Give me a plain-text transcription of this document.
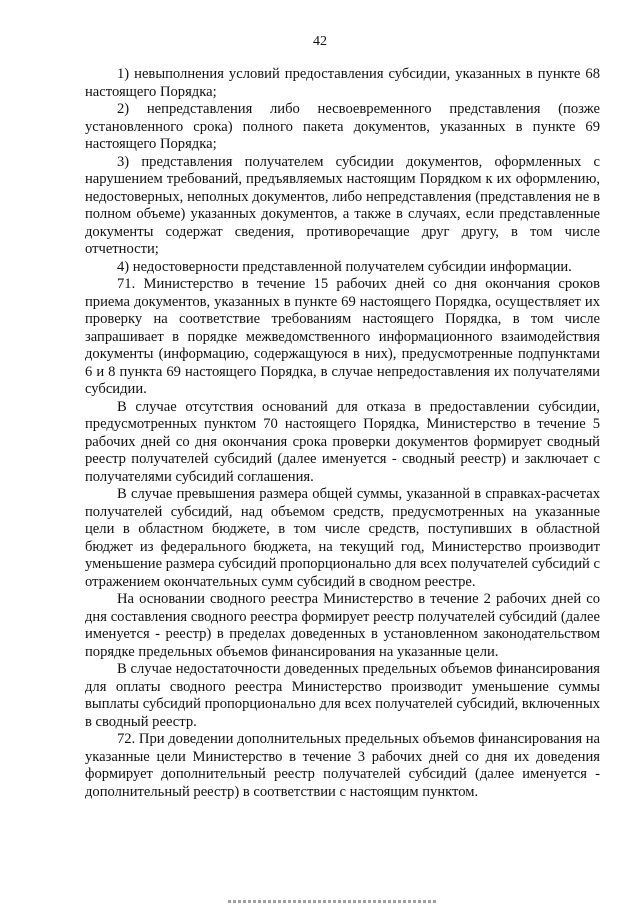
42

1) невыполнения условий предоставления субсидии, указанных в пункте 68 настоящего Порядка;

2) непредставления либо несвоевременного представления (позже установленного срока) полного пакета документов, указанных в пункте 69 настоящего Порядка;

3) представления получателем субсидии документов, оформленных с нарушением требований, предъявляемых настоящим Порядком к их оформлению, недостоверных, неполных документов, либо непредставления (представления не в полном объеме) указанных документов, а также в случаях, если представленные документы содержат сведения, противоречащие друг другу, в том числе отчетности;

4) недостоверности представленной получателем субсидии информации.

71. Министерство в течение 15 рабочих дней со дня окончания сроков приема документов, указанных в пункте 69 настоящего Порядка, осуществляет их проверку на соответствие требованиям настоящего Порядка, в том числе запрашивает в порядке межведомственного информационного взаимодействия документы (информацию, содержащуюся в них), предусмотренные подпунктами 6 и 8 пункта 69 настоящего Порядка, в случае непредоставления их получателями субсидии.

В случае отсутствия оснований для отказа в предоставлении субсидии, предусмотренных пунктом 70 настоящего Порядка, Министерство в течение 5 рабочих дней со дня окончания срока проверки документов формирует сводный реестр получателей субсидий (далее именуется - сводный реестр) и заключает с получателями субсидий соглашения.

В случае превышения размера общей суммы, указанной в справках-расчетах получателей субсидий, над объемом средств, предусмотренных на указанные цели в областном бюджете, в том числе средств, поступивших в областной бюджет из федерального бюджета, на текущий год, Министерство производит уменьшение размера субсидий пропорционально для всех получателей субсидий с отражением окончательных сумм субсидий в сводном реестре.

На основании сводного реестра Министерство в течение 2 рабочих дней со дня составления сводного реестра формирует реестр получателей субсидий (далее именуется - реестр) в пределах доведенных в установленном законодательством порядке предельных объемов финансирования на указанные цели.

В случае недостаточности доведенных предельных объемов финансирования для оплаты сводного реестра Министерство производит уменьшение суммы выплаты субсидий пропорционально для всех получателей субсидий, включенных в сводный реестр.

72. При доведении дополнительных предельных объемов финансирования на указанные цели Министерство в течение 3 рабочих дней со дня их доведения формирует дополнительный реестр получателей субсидий (далее именуется - дополнительный реестр) в соответствии с настоящим пунктом.
